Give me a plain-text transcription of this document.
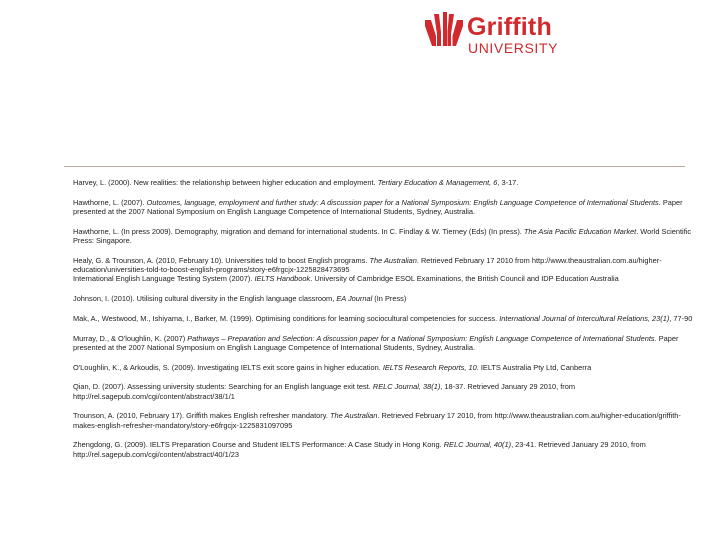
Griffith
UNIVERSITY

Harvey, L. (2000). New realities: the relationship between higher education and employment. Tertiary Education & Management, 6, 3-17.

Hawthorne, L. (2007). Outcomes, language, employment and further study: A discussion paper for a National Symposium: English Language Competence of International Students. Paper presented at the 2007 National Symposium on English Language Competence of International Students, Sydney, Australia.

Hawthorne, L. (In press 2009). Demography, migration and demand for international students. In C. Findlay & W. Tierney (Eds) (In press). The Asia Pacific Education Market. World Scientific Press: Singapore.

Healy, G. & Trounson, A. (2010, February 10). Universities told to boost English programs. The Australian. Retrieved February 17 2010 from http://www.theaustralian.com.au/higher-education/universities-told-to-boost-english-programs/story-e6frgcjx-1225828473695

International English Language Testing System (2007). IELTS Handbook. University of Cambridge ESOL Examinations, the British Council and IDP Education Australia

Johnson, I. (2010). Utilising cultural diversity in the English language classroom, EA Journal (In Press)

Mak, A., Westwood, M., Ishiyama, I., Barker, M. (1999). Optimising conditions for learning sociocultural competencies for success. International Journal of Intercultural Relations, 23(1), 77-90

Murray, D., & O'loughlin, K. (2007) Pathways – Preparation and Selection: A discussion paper for a National Symposium: English Language Competence of International Students. Paper presented at the 2007 National Symposium on English Language Competence of International Students, Sydney, Australia.

O'Loughlin, K., & Arkoudis, S. (2009). Investigating IELTS exit score gains in higher education. IELTS Research Reports, 10. IELTS Australia Pty Ltd, Canberra

Qian, D. (2007). Assessing university students: Searching for an English language exit test. RELC Journal, 38(1), 18-37. Retrieved January 29 2010, from http://rel.sagepub.com/cgi/content/abstract/38/1/1

Trounson, A. (2010, February 17). Griffith makes English refresher mandatory. The Australian. Retrieved February 17 2010, from http://www.theaustralian.com.au/higher-education/griffith-makes-english-refresher-mandatory/story-e6frgcjx-1225831097095

Zhengdong, G. (2009). IELTS Preparation Course and Student IELTS Performance: A Case Study in Hong Kong. RELC Journal, 40(1), 23-41. Retrieved January 29 2010, from http://rel.sagepub.com/cgi/content/abstract/40/1/23
